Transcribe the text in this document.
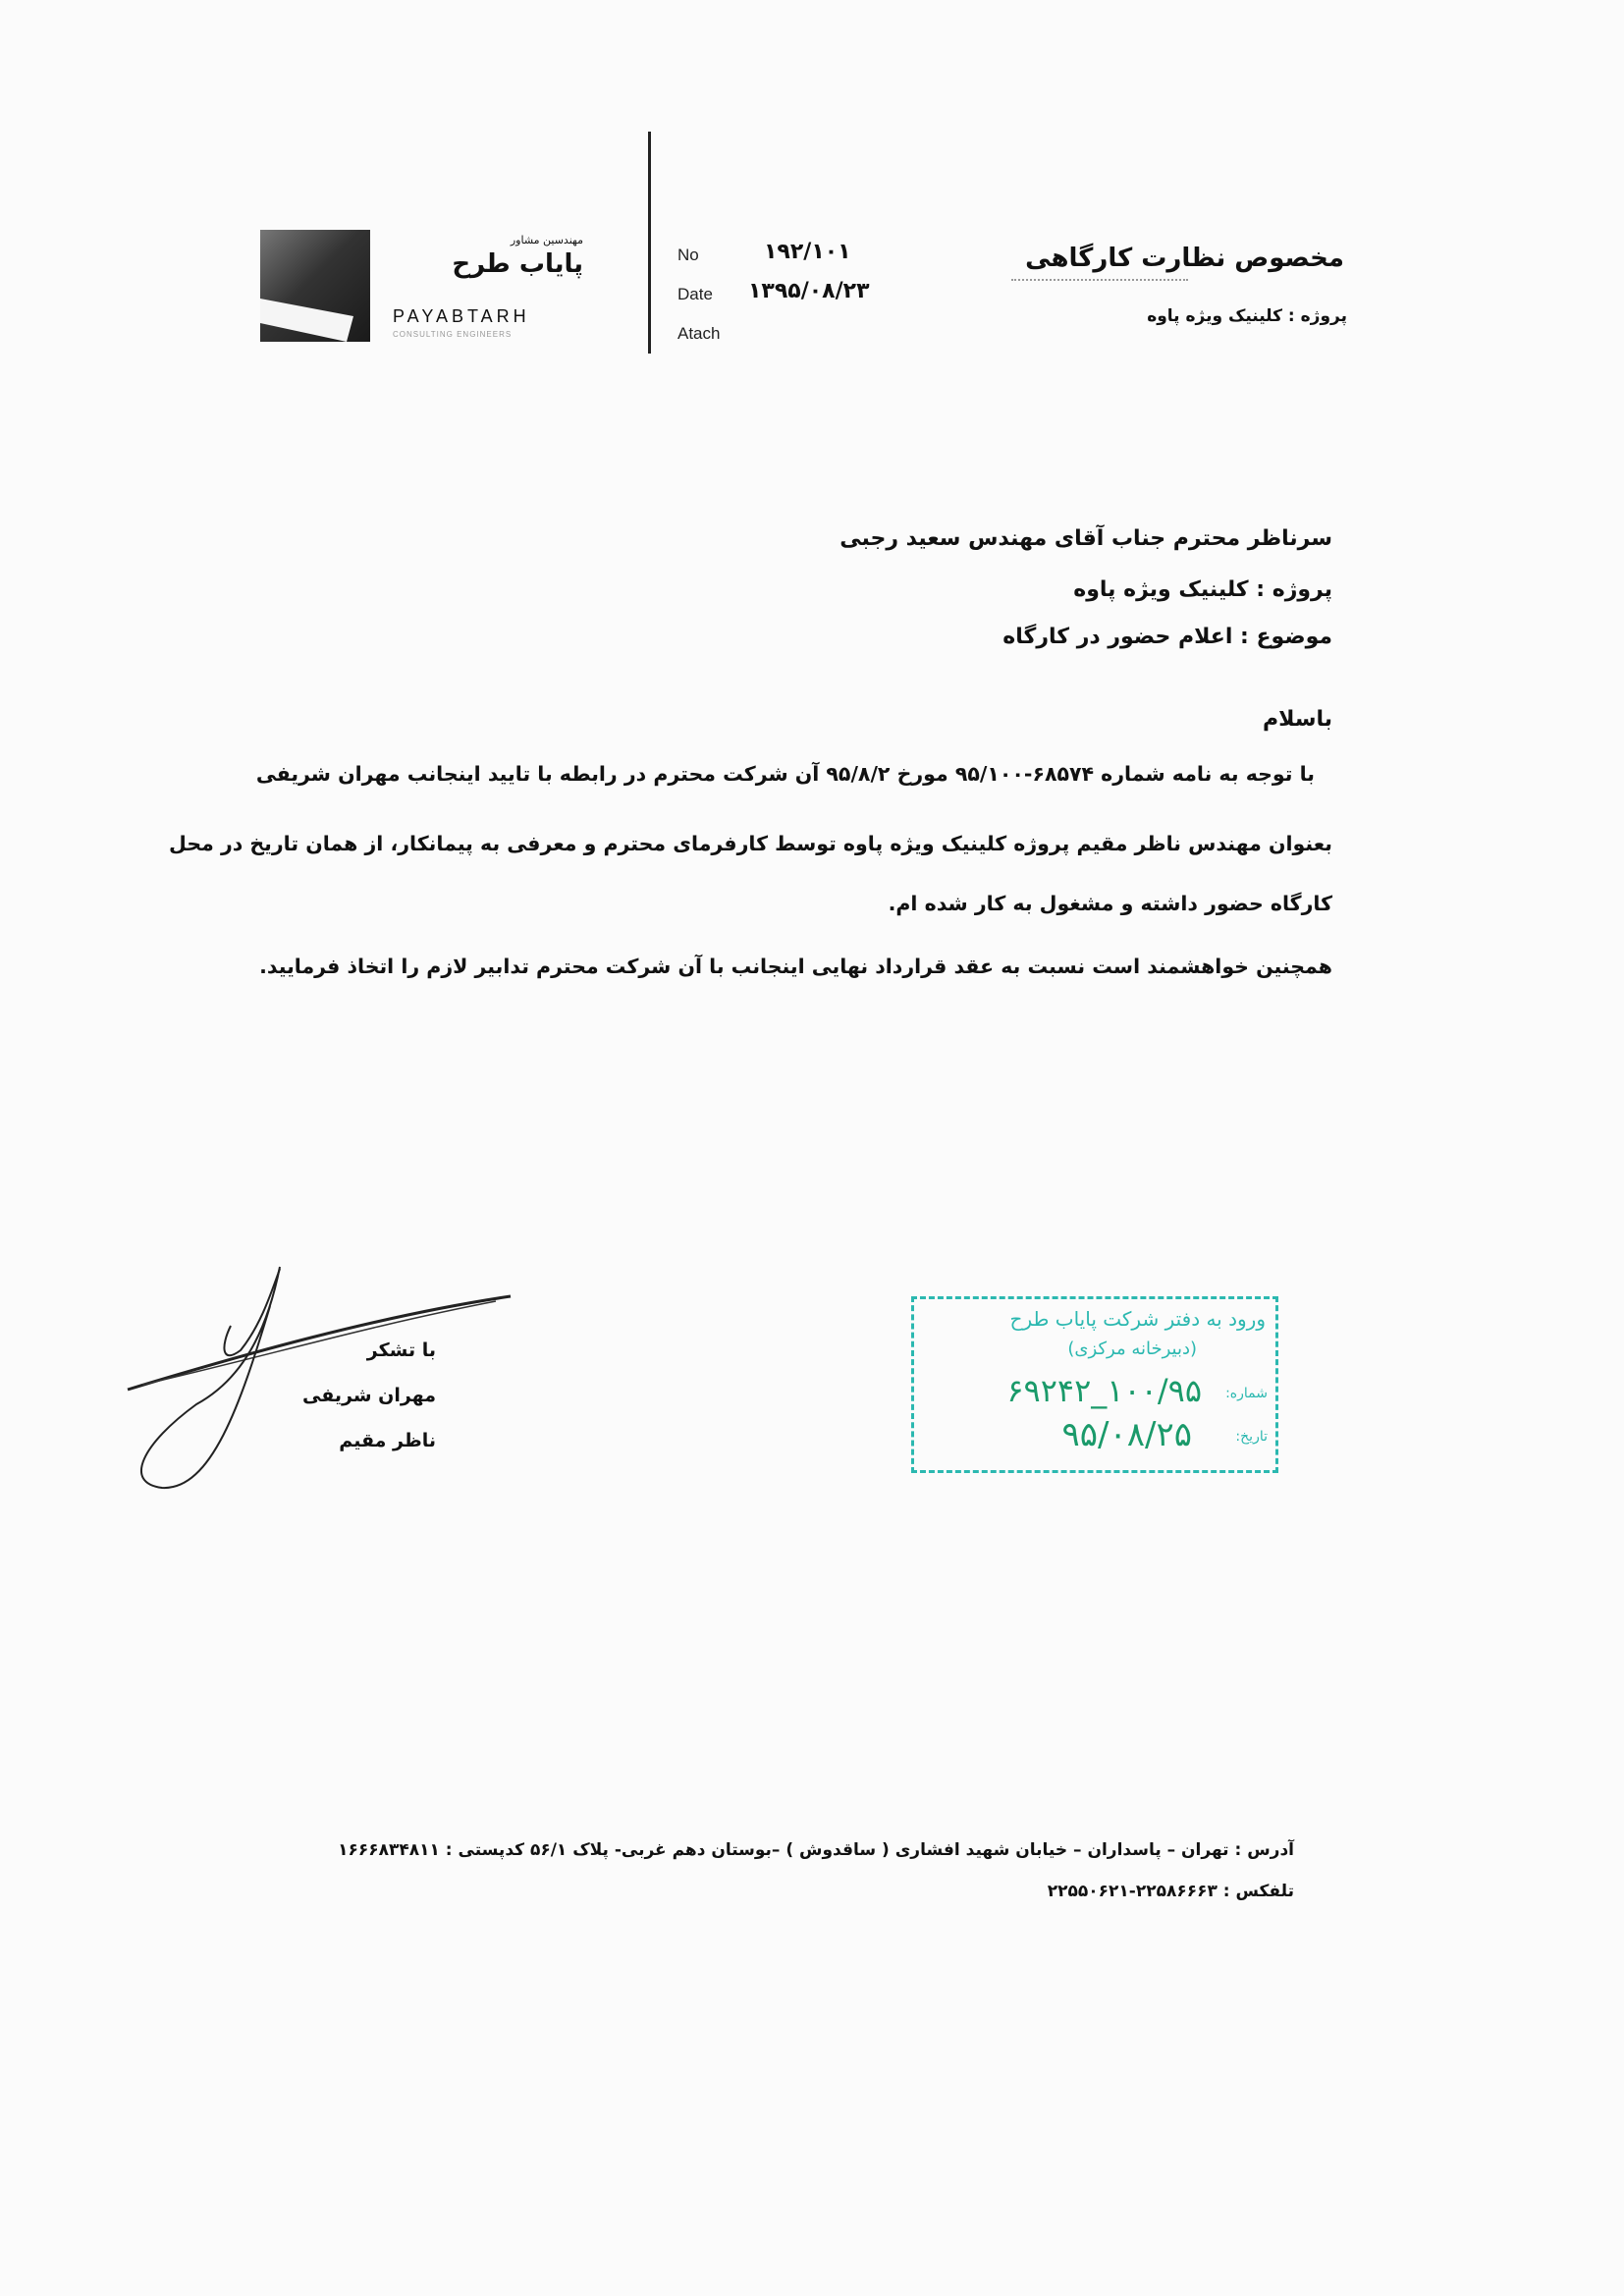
مهندسین مشاور
پایاب طرح
PAYABTARH
CONSULTING ENGINEERS
No
Date
Atach
۱۹۲/۱۰۱
۱۳۹۵/۰۸/۲۳
مخصوص نظارت کارگاهی
پروژه : کلینیک ویژه پاوه
سرناظر محترم جناب آقای مهندس سعید رجبی
پروژه : کلینیک ویژه پاوه
موضوع : اعلام حضور در کارگاه
باسلام
با توجه به نامه شماره ۶۸۵۷۴-۹۵/۱۰۰ مورخ ۹۵/۸/۲ آن شرکت محترم در رابطه با تایید اینجانب مهران شریفی
بعنوان مهندس ناظر مقیم پروژه کلینیک ویژه پاوه توسط کارفرمای محترم و معرفی به پیمانکار، از همان تاریخ در محل
کارگاه حضور داشته و مشغول به کار شده ام.
همچنین خواهشمند است نسبت به عقد قرارداد نهایی اینجانب با آن شرکت محترم تدابیر لازم را اتخاذ فرمایید.
با تشکر
مهران شریفی
ناظر مقیم
ورود به دفتر شرکت پایاب طرح
(دبیرخانه مرکزی)
شماره:
۱۰۰/۹۵_۶۹۲۴۲
تاریخ:
۹۵/۰۸/۲۵
آدرس : تهران – پاسداران – خیابان شهید افشاری ( ساقدوش ) –بوستان دهم غربی- پلاک ۵۶/۱ کدپستی : ۱۶۶۶۸۳۴۸۱۱
تلفکس : ۲۲۵۸۶۶۶۳-۲۲۵۵۰۶۲۱
